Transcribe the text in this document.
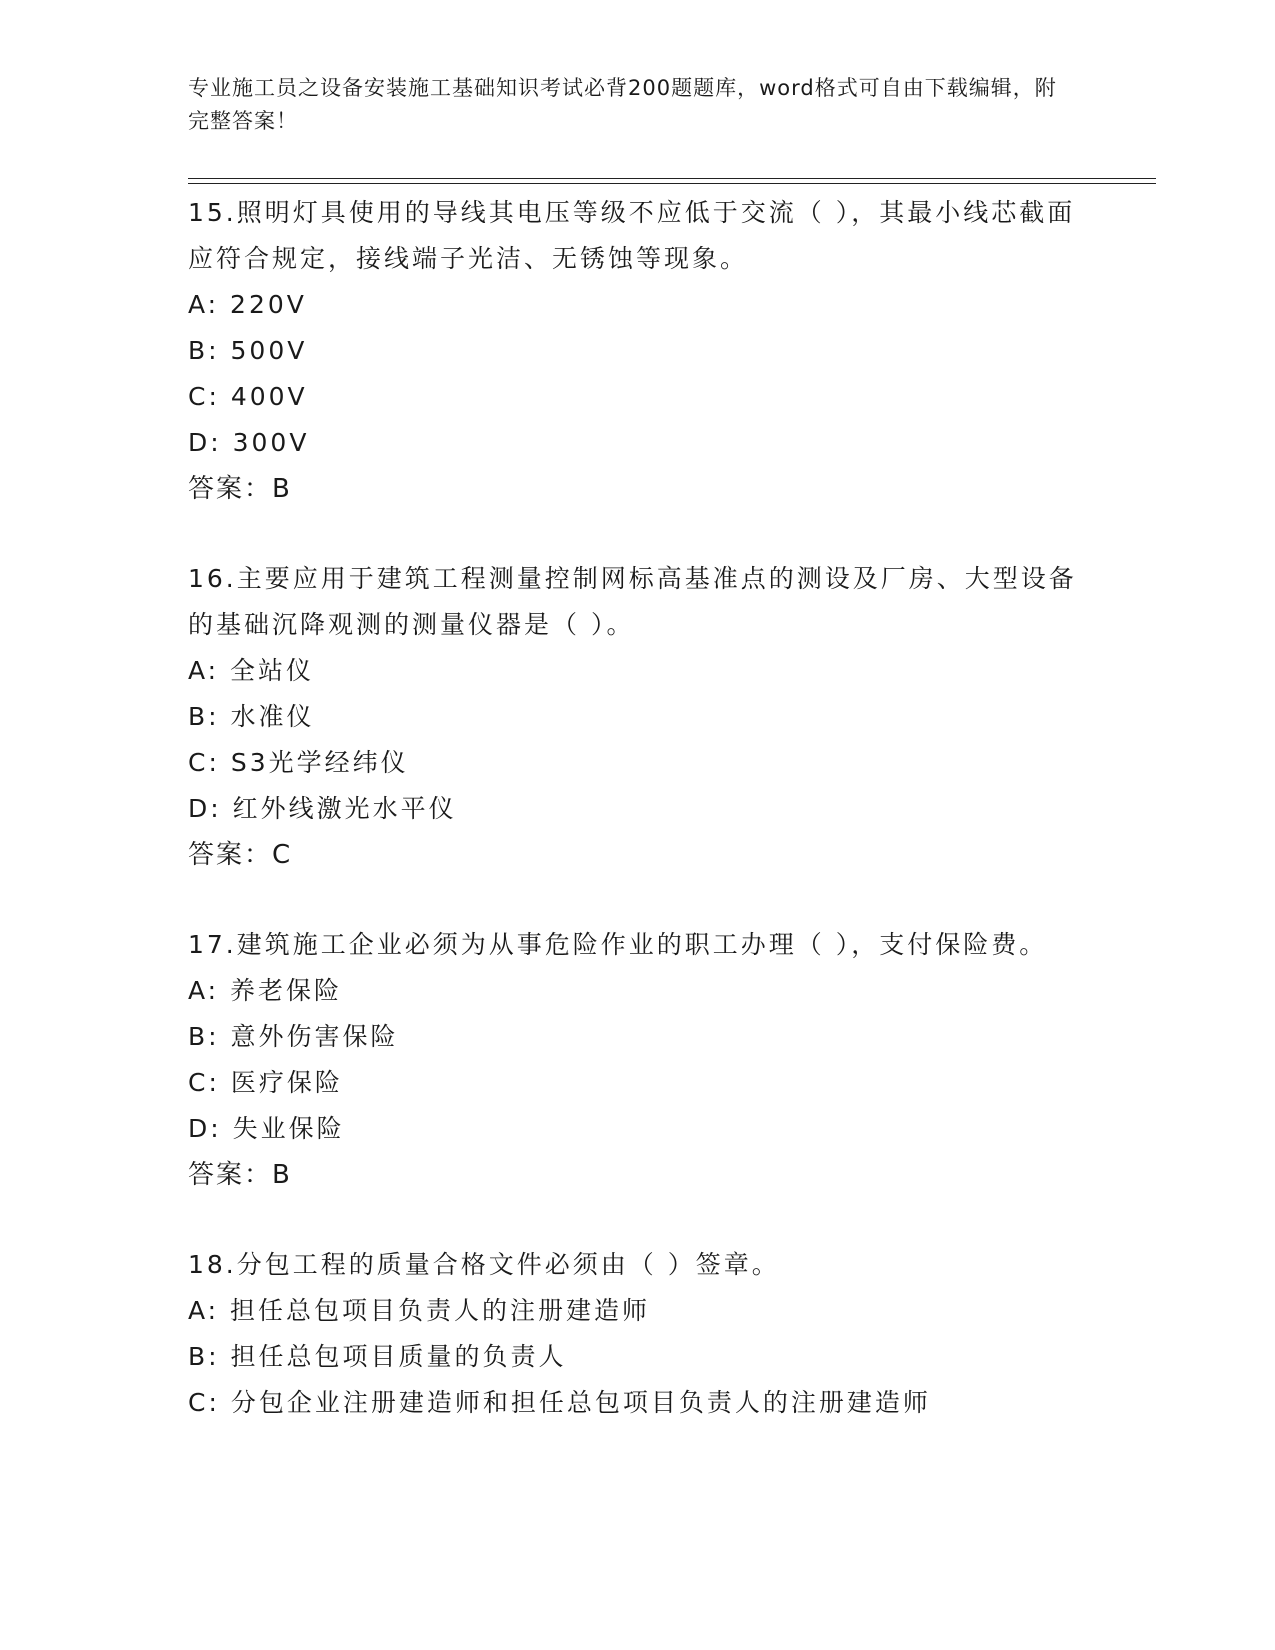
专业施工员之设备安装施工基础知识考试必背200题题库，word格式可自由下载编辑，附完整答案！
15.照明灯具使用的导线其电压等级不应低于交流（ ），其最小线芯截面应符合规定，接线端子光洁、无锈蚀等现象。
A: 220V
B: 500V
C: 400V
D: 300V
答案：B
16.主要应用于建筑工程测量控制网标高基准点的测设及厂房、大型设备的基础沉降观测的测量仪器是（ ）。
A: 全站仪
B: 水准仪
C: S3光学经纬仪
D: 红外线激光水平仪
答案：C
17.建筑施工企业必须为从事危险作业的职工办理（ ），支付保险费。
A: 养老保险
B: 意外伤害保险
C: 医疗保险
D: 失业保险
答案：B
18.分包工程的质量合格文件必须由（ ）签章。
A: 担任总包项目负责人的注册建造师
B: 担任总包项目质量的负责人
C: 分包企业注册建造师和担任总包项目负责人的注册建造师
